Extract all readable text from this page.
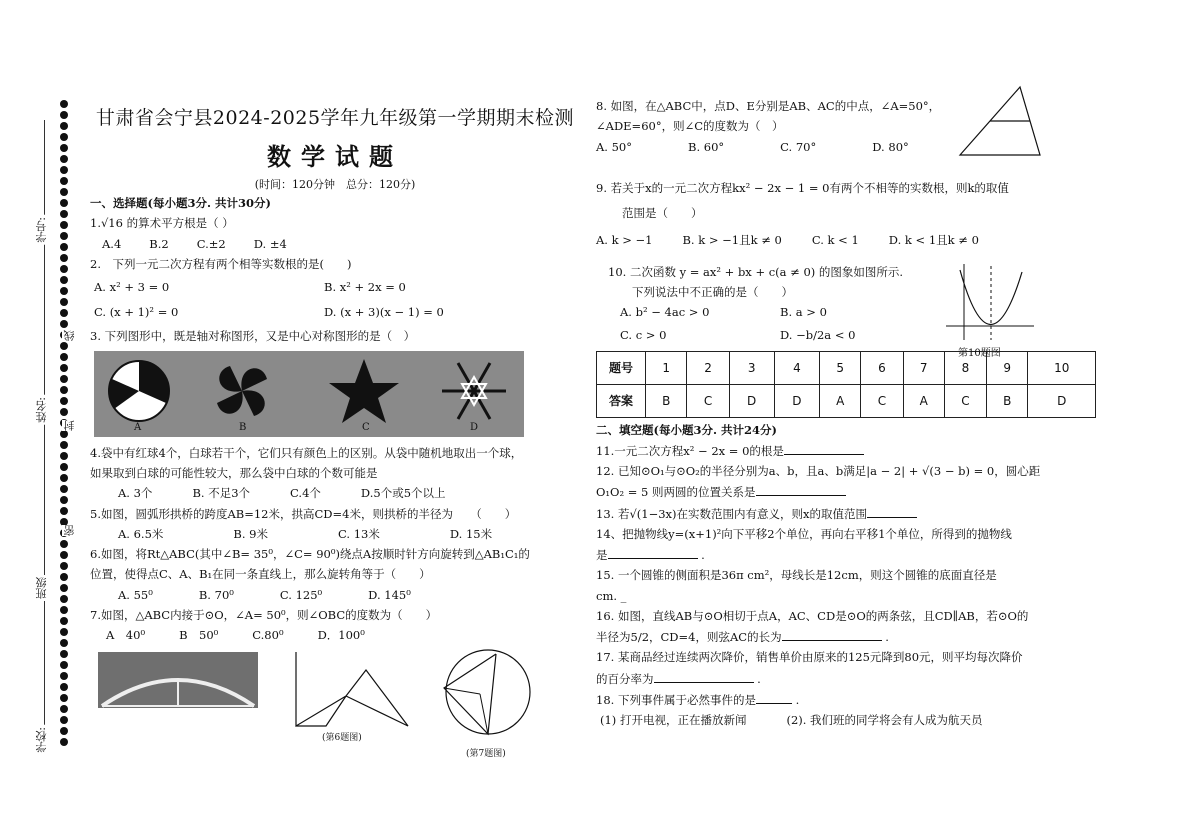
学号:
姓名:
班级
学校:
线
封
密
甘肃省会宁县2024-2025学年九年级第一学期期末检测
数学试题
(时间：120分钟　总分：120分)
一、选择题(每小题3分. 共计30分)
1.√16 的算术平方根是（ ）
A.4 B.2 C.±2 D. ±4
2.　下列一元二次方程有两个相等实数根的是(　　)
A. x² + 3 = 0	B. x² + 2x = 0
C. (x + 1)² = 0	D. (x + 3)(x − 1) = 0
3. 下列图形中，既是轴对称图形，又是中心对称图形的是（　）
A	B	C	D
4.袋中有红球4个，白球若干个，它们只有颜色上的区别。从袋中随机地取出一个球，
如果取到白球的可能性较大，那么袋中白球的个数可能是
A. 3个	B. 不足3个	C.4个	D.5个或5个以上
5.如图，圆弧形拱桥的跨度AB=12米，拱高CD=4米，则拱桥的半径为　　（　　）
A. 6.5米	B. 9米	C. 13米	D. 15米
6.如图，将Rt△ABC(其中∠B= 35⁰，∠C= 90⁰)绕点A按顺时针方向旋转到△AB₁C₁的
位置，使得点C、A、B₁在同一条直线上，那么旋转角等于（　　）
A. 55⁰	B. 70⁰	C. 125⁰	D. 145⁰
7.如图，△ABC内接于⊙O，∠A= 50⁰，则∠OBC的度数为（　　）
A　40⁰	B　50⁰	C.80⁰	D．100⁰
(第6题图)
(第7题图)
8. 如图，在△ABC中，点D、E分别是AB、AC的中点，∠A=50°，
∠ADE=60°，则∠C的度数为（　）
A. 50°	B. 60°	C. 70°	D. 80°
9. 若关于x的一元二次方程kx² − 2x − 1 = 0有两个不相等的实数根，则k的取值
范围是（　　）
A. k > −1	B. k > −1且k ≠ 0	C. k < 1	D. k < 1且k ≠ 0
10. 二次函数 y = ax² + bx + c(a ≠ 0) 的图象如图所示.
下列说法中不正确的是（　　）
A. b² − 4ac > 0	B. a > 0
C. c > 0	D. −b/2a < 0
第10题图
题号	1	2	3	4	5	6	7	8	9	10
答案	B	C	D	D	A	C	A	C	B	D
二、填空题(每小题3分. 共计24分)
11.一元二次方程x² − 2x = 0的根是
12. 已知⊙O₁与⊙O₂的半径分别为a、b，且a、b满足|a − 2| + √(3 − b) = 0，圆心距
O₁O₂ = 5 则两圆的位置关系是
13. 若√(1−3x)在实数范围内有意义，则x的取值范围
14、把抛物线y=(x+1)²向下平移2个单位，再向右平移1个单位，所得到的抛物线
是	.
15. 一个圆锥的侧面积是36π cm²，母线长是12cm，则这个圆锥的底面直径是
cm. _
16. 如图，直线AB与⊙O相切于点A，AC、CD是⊙O的两条弦，且CD∥AB，若⊙O的
半径为5/2，CD=4，则弦AC的长为	.
17. 某商品经过连续两次降价，销售单价由原来的125元降到80元，则平均每次降价
的百分率为	.
18. 下列事件属于必然事件的是	.
(1) 打开电视，正在播放新闻	(2). 我们班的同学将会有人成为航天员
